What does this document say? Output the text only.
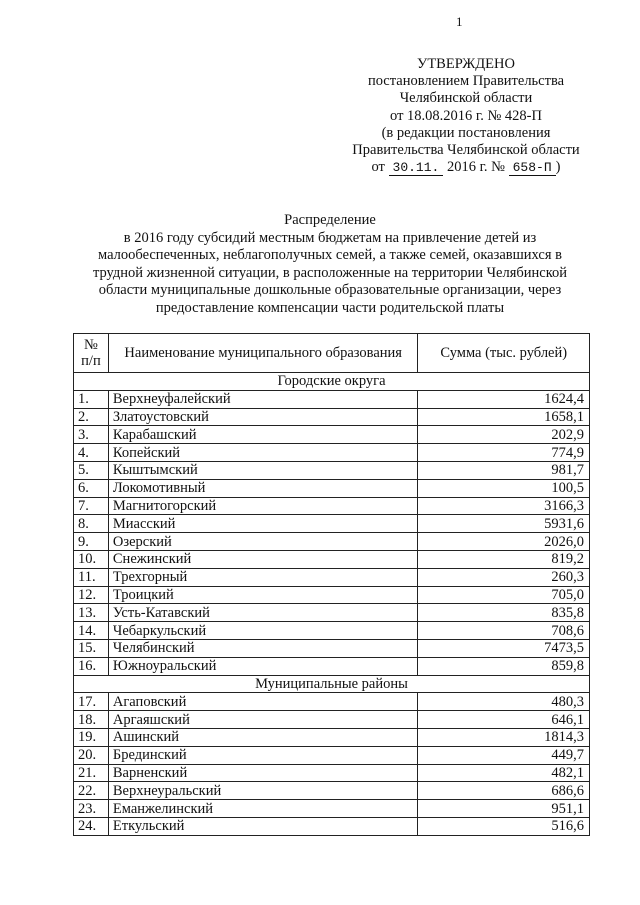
1
УТВЕРЖДЕНО
постановлением Правительства
Челябинской области
от 18.08.2016 г. № 428-П
(в редакции постановления
Правительства Челябинской области
от 30.11. 2016 г. № 658-П )
Распределение
в 2016 году субсидий местным бюджетам на привлечение детей из
малообеспеченных, неблагополучных семей, а также семей, оказавшихся в
трудной жизненной ситуации, в расположенные на территории Челябинской
области муниципальные дошкольные образовательные организации, через
предоставление компенсации части родительской платы
№
п/п	Наименование муниципального образования	Сумма (тыс. рублей)
Городские округа		
1.	Верхнеуфалейский	1624,4
2.	Златоустовский	1658,1
3.	Карабашский	202,9
4.	Копейский	774,9
5.	Кыштымский	981,7
6.	Локомотивный	100,5
7.	Магнитогорский	3166,3
8.	Миасский	5931,6
9.	Озерский	2026,0
10.	Снежинский	819,2
11.	Трехгорный	260,3
12.	Троицкий	705,0
13.	Усть-Катавский	835,8
14.	Чебаркульский	708,6
15.	Челябинский	7473,5
16.	Южноуральский	859,8
Муниципальные районы		
17.	Агаповский	480,3
18.	Аргаяшский	646,1
19.	Ашинский	1814,3
20.	Брединский	449,7
21.	Варненский	482,1
22.	Верхнеуральский	686,6
23.	Еманжелинский	951,1
24.	Еткульский	516,6
